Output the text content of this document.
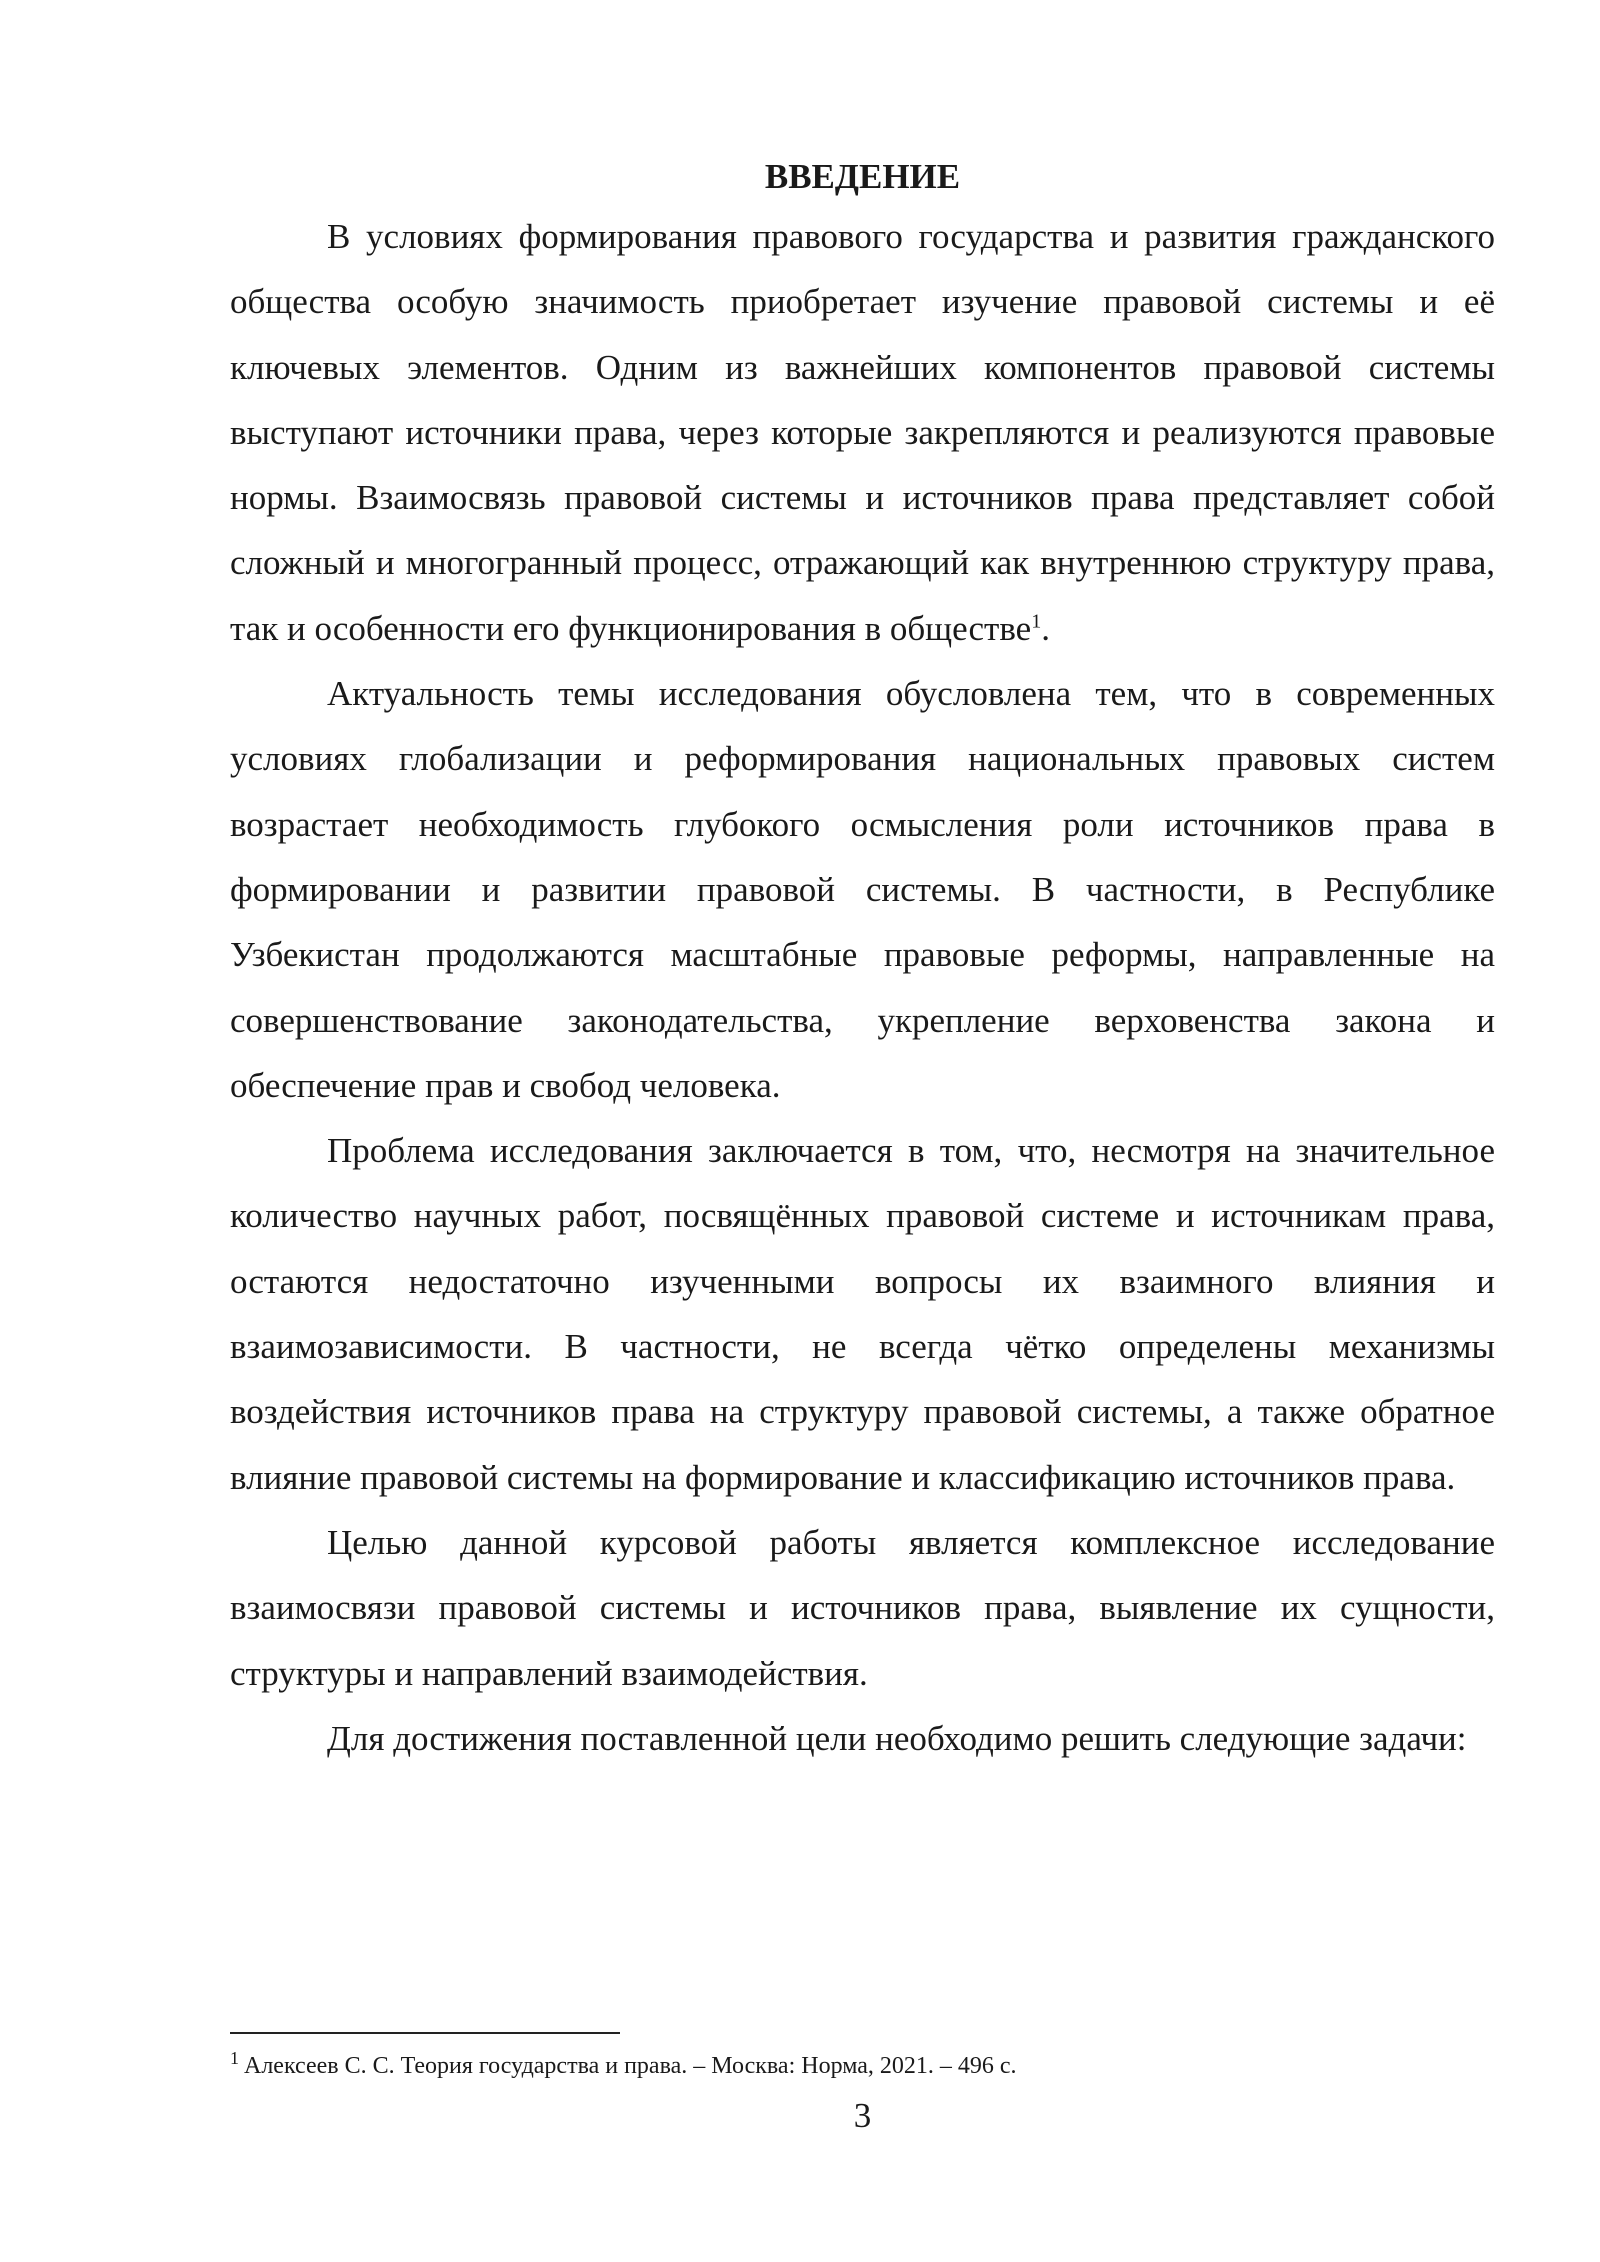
ВВЕДЕНИЕ

В условиях формирования правового государства и развития гражданского общества особую значимость приобретает изучение правовой системы и её ключевых элементов. Одним из важнейших компонентов правовой системы выступают источники права, через которые закрепляются и реализуются правовые нормы. Взаимосвязь правовой системы и источников права представляет собой сложный и многогранный процесс, отражающий как внутреннюю структуру права, так и особенности его функционирования в обществе$^1$.

Актуальность темы исследования обусловлена тем, что в современных условиях глобализации и реформирования национальных правовых систем возрастает необходимость глубокого осмысления роли источников права в формировании и развитии правовой системы. В частности, в Республике Узбекистан продолжаются масштабные правовые реформы, направленные на совершенствование законодательства, укрепление верховенства закона и обеспечение прав и свобод человека.

Проблема исследования заключается в том, что, несмотря на значительное количество научных работ, посвящённых правовой системе и источникам права, остаются недостаточно изученными вопросы их взаимного влияния и взаимозависимости. В частности, не всегда чётко определены механизмы воздействия источников права на структуру правовой системы, а также обратное влияние правовой системы на формирование и классификацию источников права.

Целью данной курсовой работы является комплексное исследование взаимосвязи правовой системы и источников права, выявление их сущности, структуры и направлений взаимодействия.

Для достижения поставленной цели необходимо решить следующие задачи:

$^1$ Алексеев С. С. Теория государства и права. – Москва: Норма, 2021. – 496 с.

3
